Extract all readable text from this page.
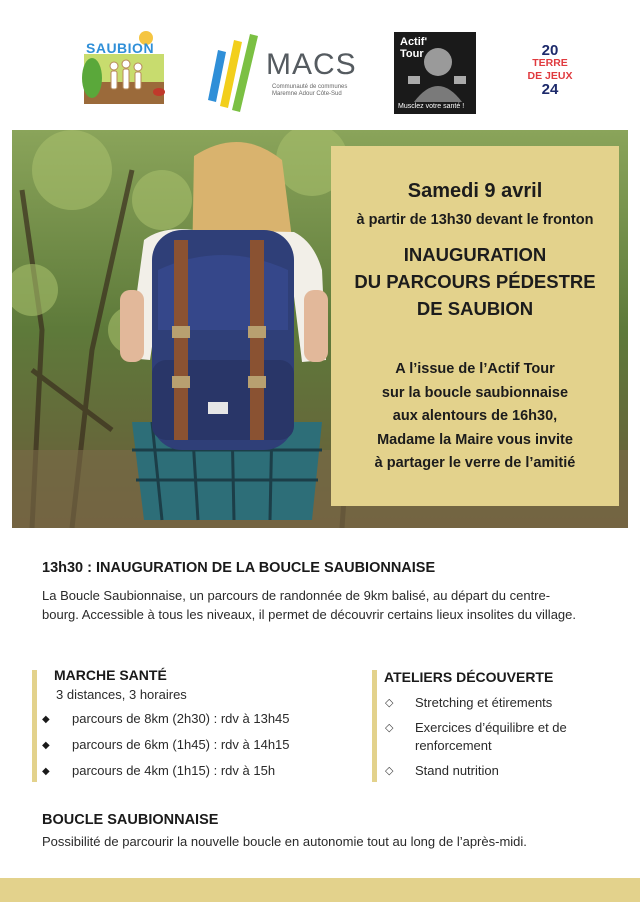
SAUBION	MACS
Communauté de communes
Maremne Adour Côte-Sud
Actif'
Tour
Musclez votre santé !
20
TERRE
DE JEUX
24
Samedi 9 avril
à partir de 13h30 devant le fronton
INAUGURATION
DU PARCOURS PÉDESTRE
DE SAUBION
A l’issue de l’Actif Tour
sur la boucle saubionnaise
aux alentours de 16h30,
Madame la Maire vous invite
à partager le verre de l’amitié
13h30 : INAUGURATION DE LA BOUCLE SAUBIONNAISE
La Boucle Saubionnaise, un parcours de randonnée de 9km balisé, au départ du centre-
bourg. Accessible à tous les niveaux, il permet de découvrir certains lieux insolites du village.
MARCHE SANTÉ
3 distances, 3 horaires
◆ parcours de 8km (2h30) : rdv à 13h45
◆ parcours de 6km (1h45) : rdv à 14h15
◆ parcours de 4km (1h15) : rdv à 15h
ATELIERS DÉCOUVERTE
◇ Stretching et étirements
◇ Exercices d’équilibre et de
renforcement
◇ Stand nutrition
BOUCLE SAUBIONNAISE
Possibilité de parcourir la nouvelle boucle en autonomie tout au long de l’après-midi.
